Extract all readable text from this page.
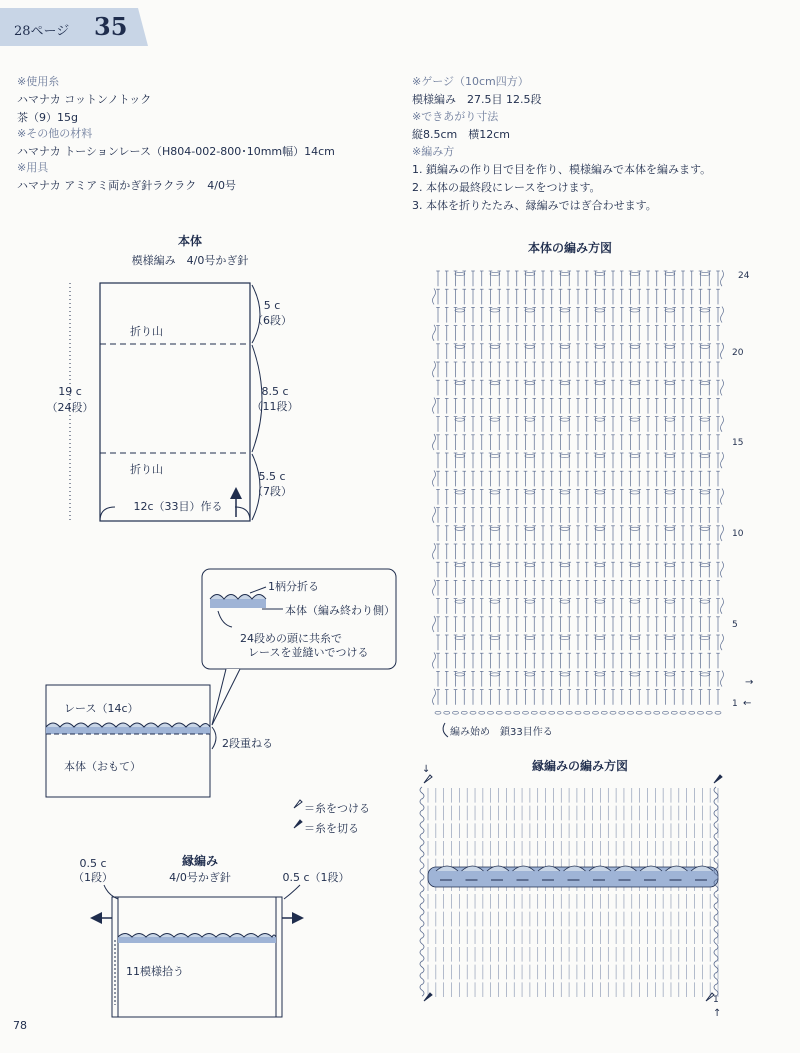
28ページ 35
※使用糸
ハマナカ コットンノトック
茶（9）15g
※その他の材料
ハマナカ トーションレース（H804-002-800･10mm幅）14cm
※用具
ハマナカ アミアミ両かぎ針ラクラク　4/0号
※ゲージ（10cm四方）
模様編み　27.5目 12.5段
※できあがり寸法
縦8.5cm　横12cm
※編み方
1. 鎖編みの作り目で目を作り、模様編みで本体を編みます。
2. 本体の最終段にレースをつけます。
3. 本体を折りたたみ、縁編みではぎ合わせます。
本体
模様編み　4/0号かぎ針
折り山
折り山
19 c
（24段）
5 c
（6段）
8.5 c
（11段）
5.5 c
（7段）
12c（33目）作る
1柄分折る
本体（編み終わり側）
24段めの頭に共糸で
レースを並縫いでつける
レース（14c）
本体（おもて）
2段重ねる
＝糸をつける
＝糸を切る
縁編み
4/0号かぎ針
0.5 c
（1段）	0.5 c（1段）
11模様拾う
本体の編み方図
24
20
15
10
5
1
→
←
編み始め　鎖33目作る
縁編みの編み方図
↓
1
↑
78
